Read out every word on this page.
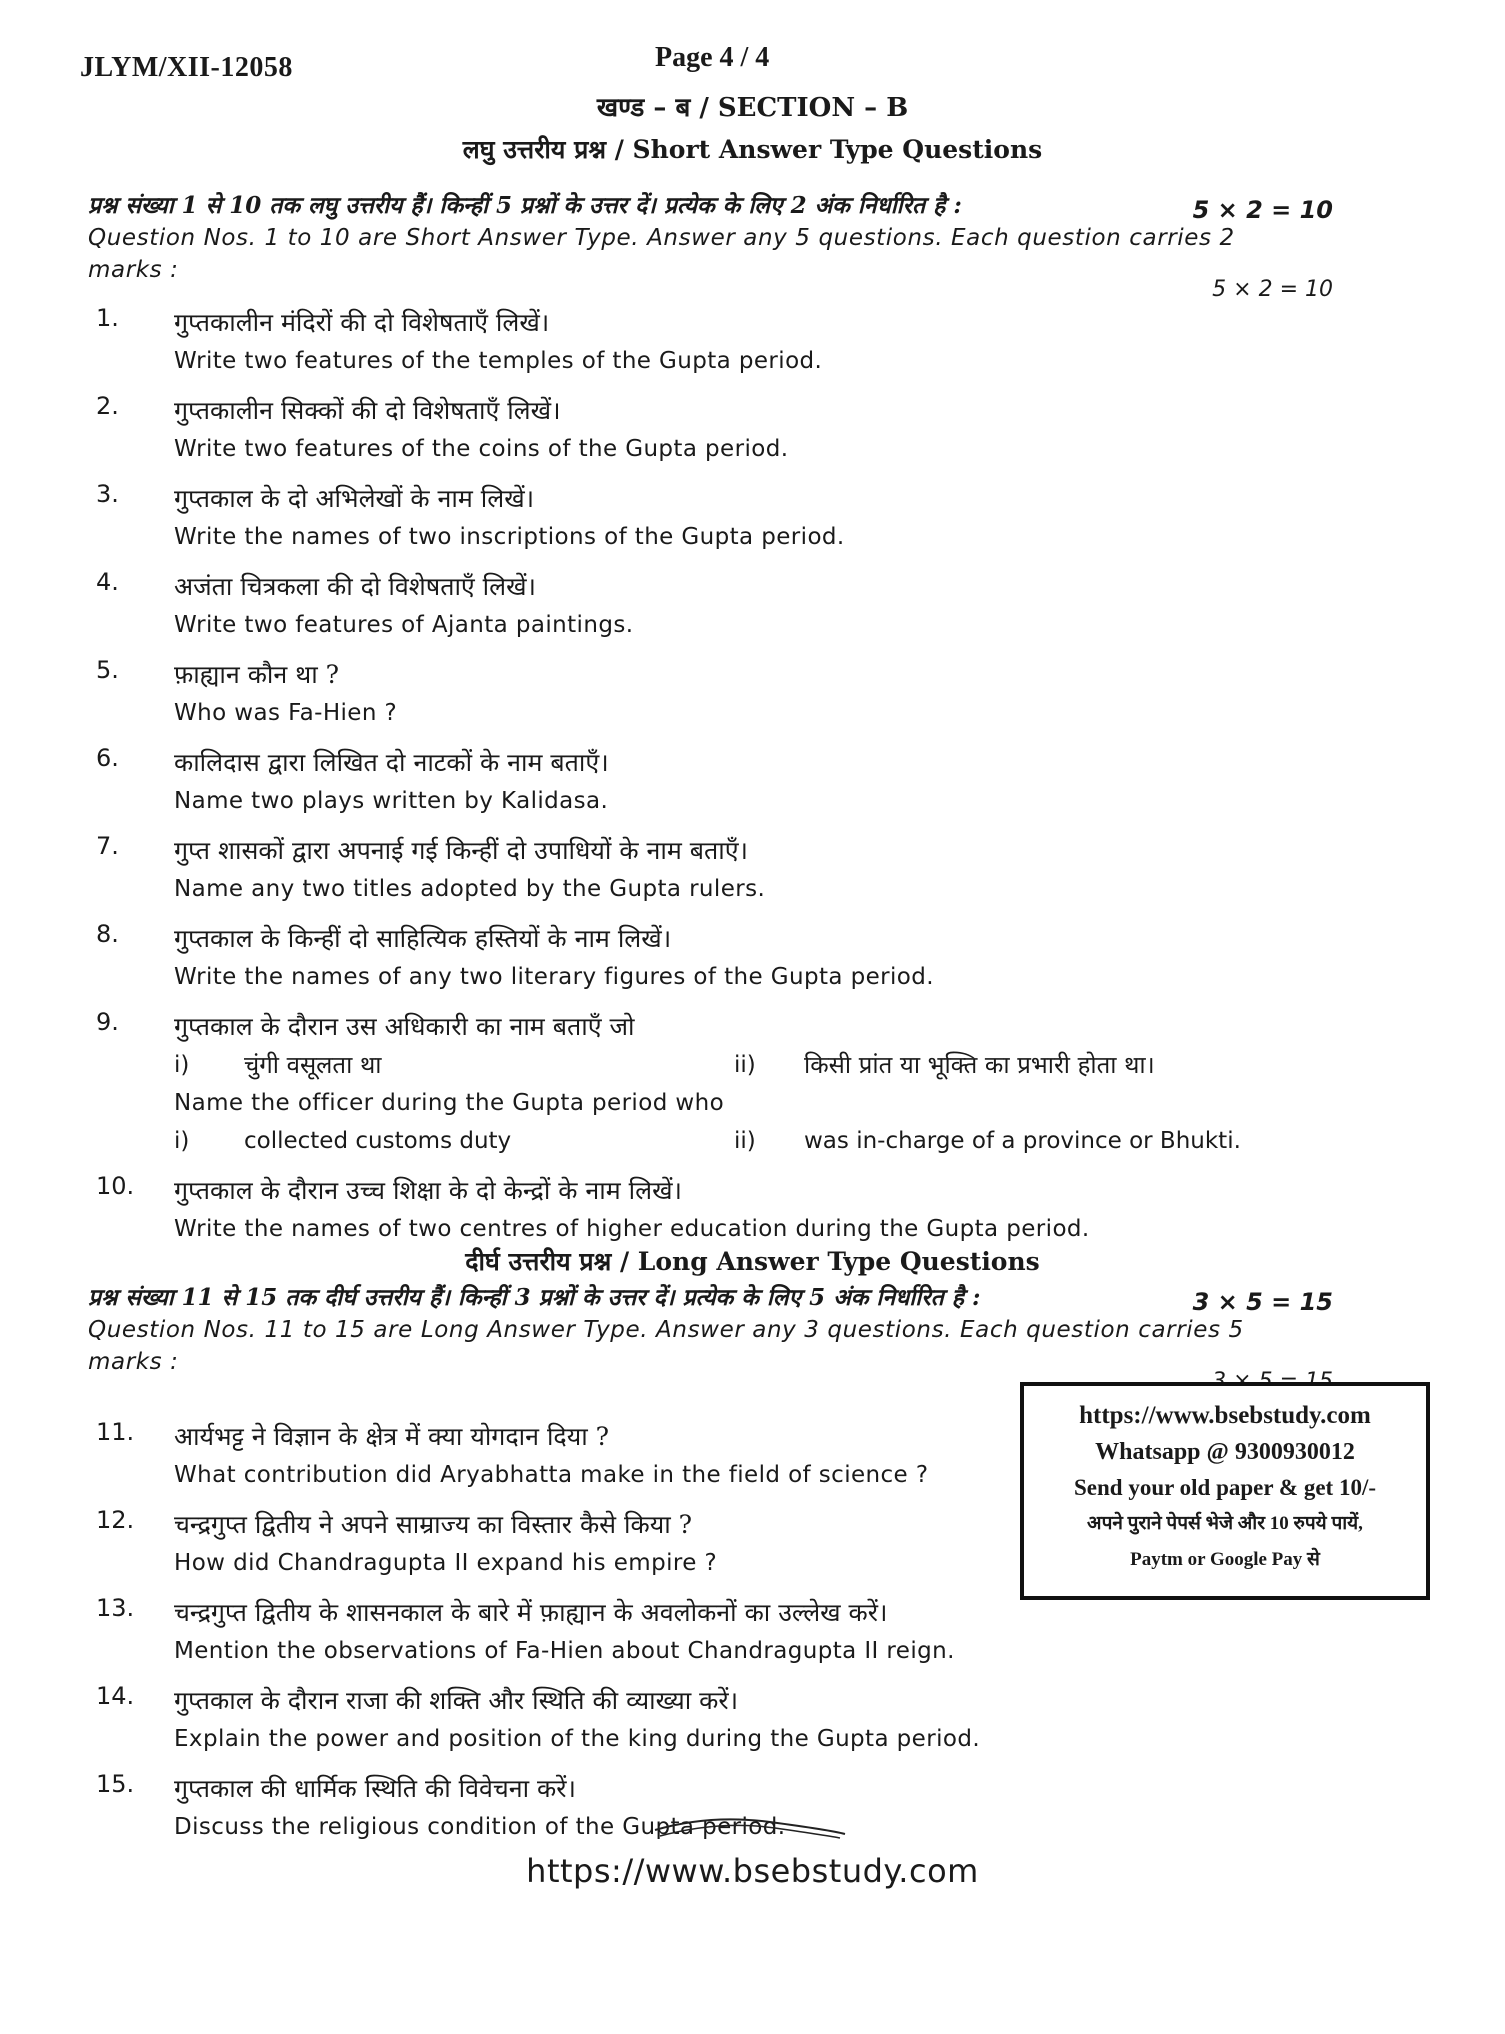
JLYM/XII-12058	Page 4 / 4
खण्ड – ब / SECTION – B
लघु उत्तरीय प्रश्न / Short Answer Type Questions
प्रश्न संख्या 1 से 10 तक लघु उत्तरीय हैं। किन्हीं 5 प्रश्नों के उत्तर दें। प्रत्येक के लिए 2 अंक निर्धारित है :	5 × 2 = 10
Question Nos. 1 to 10 are Short Answer Type. Answer any 5 questions. Each question carries 2 marks :
5 × 2 = 10
1. गुप्तकालीन मंदिरों की दो विशेषताएँ लिखें।
Write two features of the temples of the Gupta period.
2. गुप्तकालीन सिक्कों की दो विशेषताएँ लिखें।
Write two features of the coins of the Gupta period.
3. गुप्तकाल के दो अभिलेखों के नाम लिखें।
Write the names of two inscriptions of the Gupta period.
4. अजंता चित्रकला की दो विशेषताएँ लिखें।
Write two features of Ajanta paintings.
5. फ़ाह्यान कौन था ?
Who was Fa-Hien ?
6. कालिदास द्वारा लिखित दो नाटकों के नाम बताएँ।
Name two plays written by Kalidasa.
7. गुप्त शासकों द्वारा अपनाई गई किन्हीं दो उपाधियों के नाम बताएँ।
Name any two titles adopted by the Gupta rulers.
8. गुप्तकाल के किन्हीं दो साहित्यिक हस्तियों के नाम लिखें।
Write the names of any two literary figures of the Gupta period.
9. गुप्तकाल के दौरान उस अधिकारी का नाम बताएँ जो
i)	चुंगी वसूलता था	ii)	किसी प्रांत या भूक्ति का प्रभारी होता था।
Name the officer during the Gupta period who
i)	collected customs duty	ii)	was in-charge of a province or Bhukti.
10. गुप्तकाल के दौरान उच्च शिक्षा के दो केन्द्रों के नाम लिखें।
Write the names of two centres of higher education during the Gupta period.
दीर्घ उत्तरीय प्रश्न / Long Answer Type Questions
प्रश्न संख्या 11 से 15 तक दीर्घ उत्तरीय हैं। किन्हीं 3 प्रश्नों के उत्तर दें। प्रत्येक के लिए 5 अंक निर्धारित है :	3 × 5 = 15
Question Nos. 11 to 15 are Long Answer Type. Answer any 3 questions. Each question carries 5 marks :
11. आर्यभट्ट ने विज्ञान के क्षेत्र में क्या योगदान दिया ?
What contribution did Aryabhatta make in the field of science ?
12. चन्द्रगुप्त द्वितीय ने अपने साम्राज्य का विस्तार कैसे किया ?
How did Chandragupta II expand his empire ?
13. चन्द्रगुप्त द्वितीय के शासनकाल के बारे में फ़ाह्यान के अवलोकनों का उल्लेख करें।
Mention the observations of Fa-Hien about Chandragupta II reign.
14. गुप्तकाल के दौरान राजा की शक्ति और स्थिति की व्याख्या करें।
Explain the power and position of the king during the Gupta period.
15. गुप्तकाल की धार्मिक स्थिति की विवेचना करें।
Discuss the religious condition of the Gupta period.
https://www.bsebstudy.com
Whatsapp @ 9300930012
Send your old paper & get 10/-
अपने पुराने पेपर्स भेजे और 10 रुपये पायें,
Paytm or Google Pay से
https://www.bsebstudy.com
